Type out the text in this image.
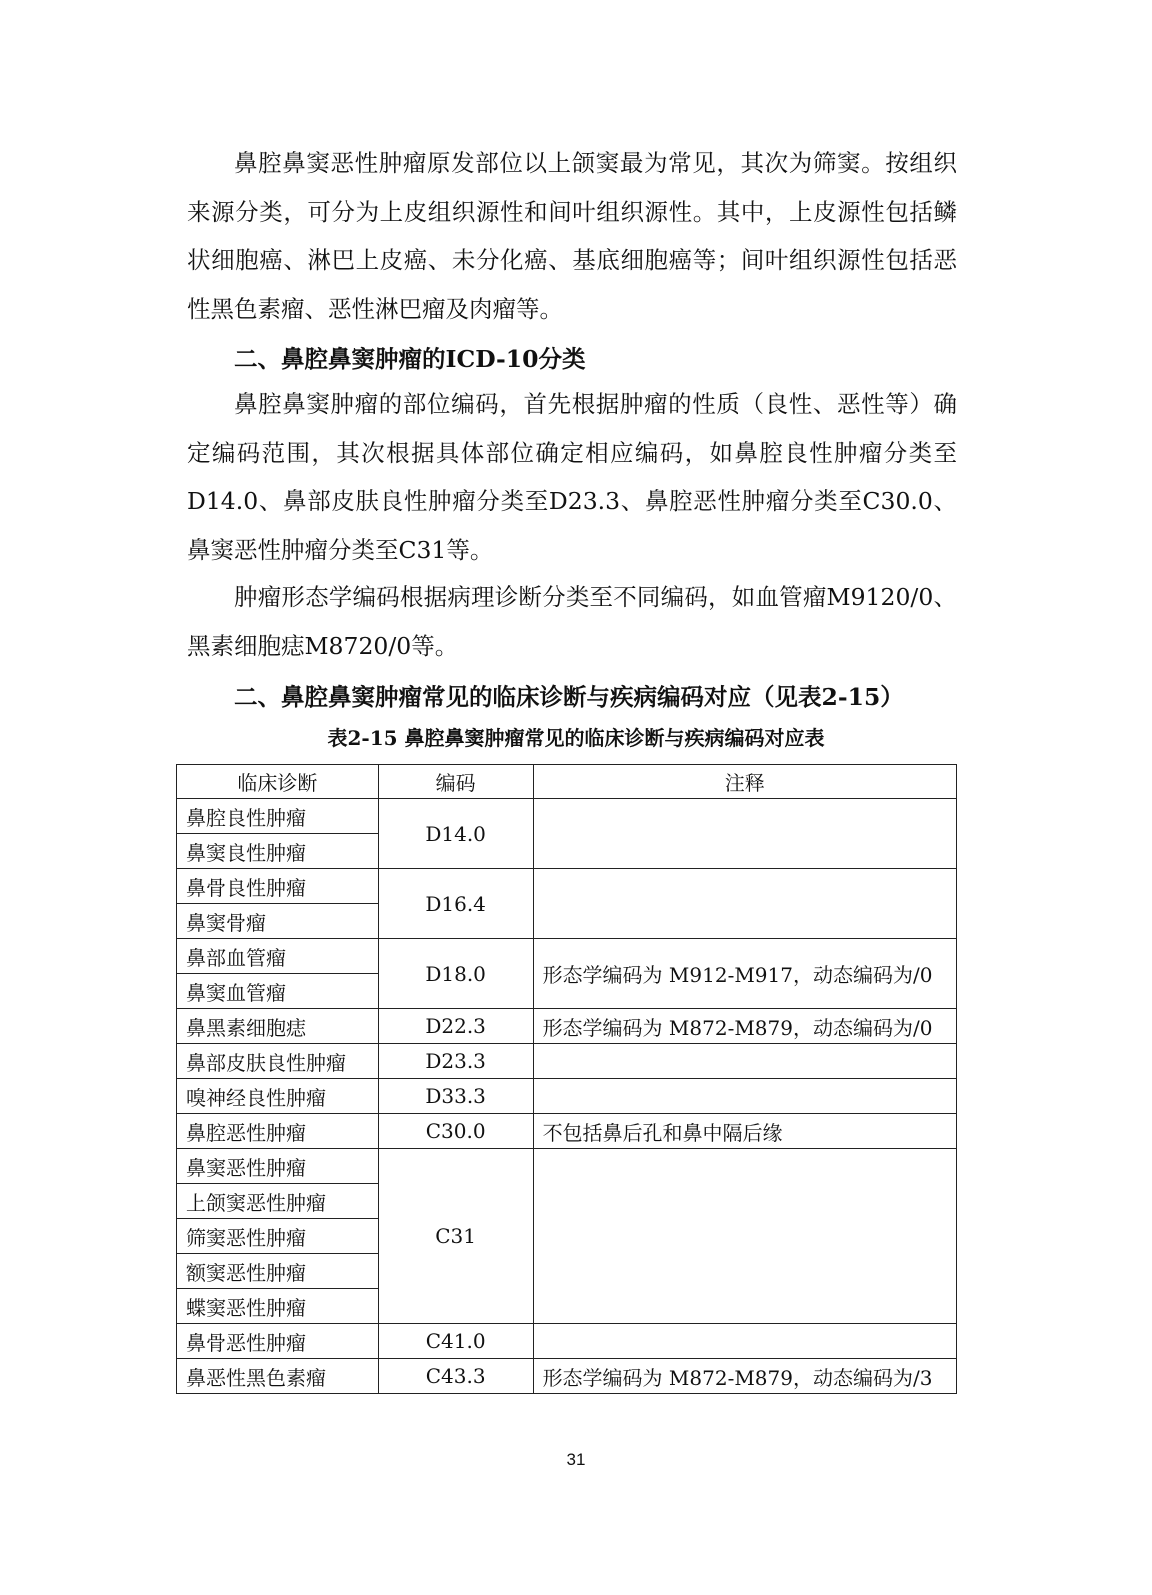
鼻腔鼻窦恶性肿瘤原发部位以上颌窦最为常见，其次为筛窦。按组织来源分类，可分为上皮组织源性和间叶组织源性。其中，上皮源性包括鳞状细胞癌、淋巴上皮癌、未分化癌、基底细胞癌等；间叶组织源性包括恶性黑色素瘤、恶性淋巴瘤及肉瘤等。

二、鼻腔鼻窦肿瘤的ICD-10分类

鼻腔鼻窦肿瘤的部位编码，首先根据肿瘤的性质（良性、恶性等）确定编码范围，其次根据具体部位确定相应编码，如鼻腔良性肿瘤分类至D14.0、鼻部皮肤良性肿瘤分类至D23.3、鼻腔恶性肿瘤分类至C30.0、鼻窦恶性肿瘤分类至C31等。

肿瘤形态学编码根据病理诊断分类至不同编码，如血管瘤M9120/0、黑素细胞痣M8720/0等。

二、鼻腔鼻窦肿瘤常见的临床诊断与疾病编码对应（见表2-15）

表2-15 鼻腔鼻窦肿瘤常见的临床诊断与疾病编码对应表

临床诊断	编码	注释
鼻腔良性肿瘤	D14.0	
鼻窦良性肿瘤		
鼻骨良性肿瘤	D16.4	
鼻窦骨瘤		
鼻部血管瘤	D18.0	形态学编码为 M912-M917，动态编码为/0
鼻窦血管瘤		
鼻黑素细胞痣	D22.3	形态学编码为 M872-M879，动态编码为/0
鼻部皮肤良性肿瘤	D23.3	
嗅神经良性肿瘤	D33.3	
鼻腔恶性肿瘤	C30.0	不包括鼻后孔和鼻中隔后缘
鼻窦恶性肿瘤	C31	
上颌窦恶性肿瘤		
筛窦恶性肿瘤		
额窦恶性肿瘤		
蝶窦恶性肿瘤		
鼻骨恶性肿瘤	C41.0	
鼻恶性黑色素瘤	C43.3	形态学编码为 M872-M879，动态编码为/3

31
